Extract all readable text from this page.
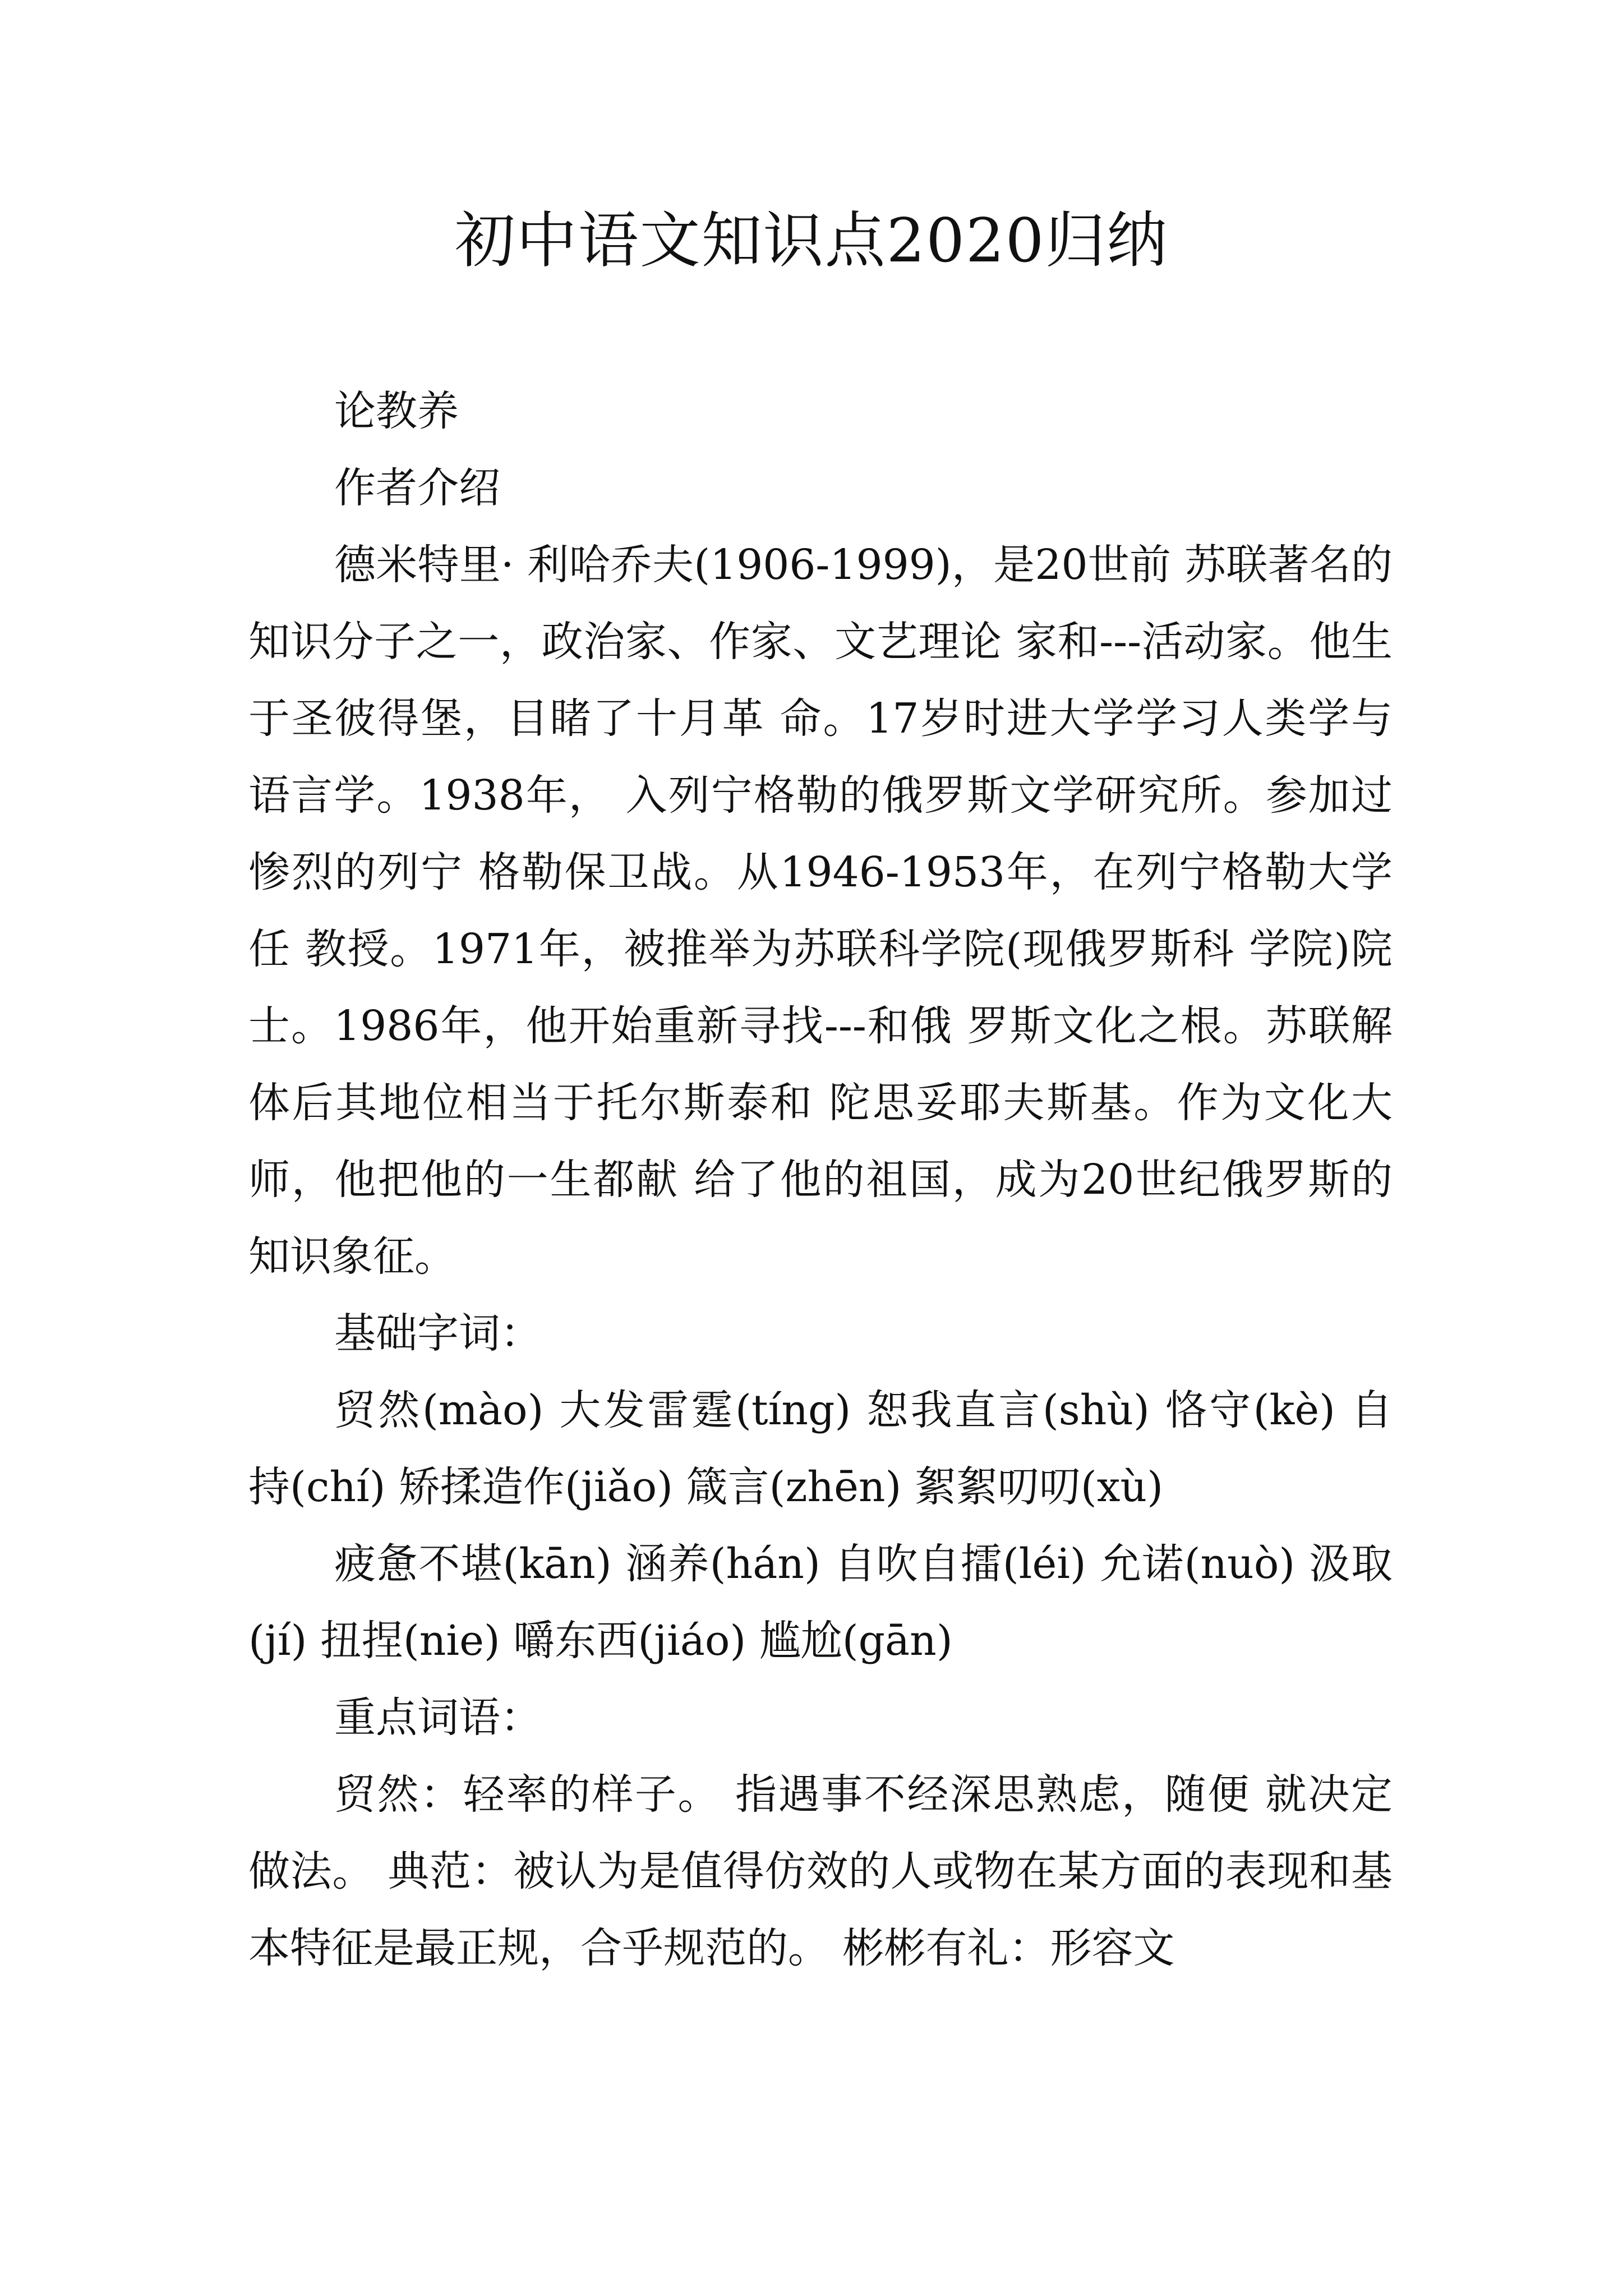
初中语文知识点2020归纳

论教养

作者介绍

德米特里· 利哈乔夫(1906-1999)，是20世前 苏联著名的知识分子之一，政治家、作家、文艺理论 家和---活动家。他生于圣彼得堡，目睹了十月革 命。17岁时进大学学习人类学与语言学。1938年， 入列宁格勒的俄罗斯文学研究所。参加过惨烈的列宁 格勒保卫战。从1946-1953年，在列宁格勒大学任 教授。1971年，被推举为苏联科学院(现俄罗斯科 学院)院士。1986年，他开始重新寻找---和俄 罗斯文化之根。苏联解体后其地位相当于托尔斯泰和 陀思妥耶夫斯基。作为文化大师，他把他的一生都献 给了他的祖国，成为20世纪俄罗斯的知识象征。

基础字词：

贸然(mào) 大发雷霆(tíng) 恕我直言(shù) 恪守(kè) 自持(chí) 矫揉造作(jiǎo) 箴言(zhēn) 絮絮叨叨(xù)

疲惫不堪(kān) 涵养(hán) 自吹自擂(léi) 允诺(nuò) 汲取(jí) 扭捏(nie) 嚼东西(jiáo) 尴尬(gān)

重点词语：

贸然：轻率的样子。 指遇事不经深思熟虑，随便 就决定做法。 典范：被认为是值得仿效的人或物在某方面的表现和基本特征是最正规，合乎规范的。 彬彬有礼：形容文
